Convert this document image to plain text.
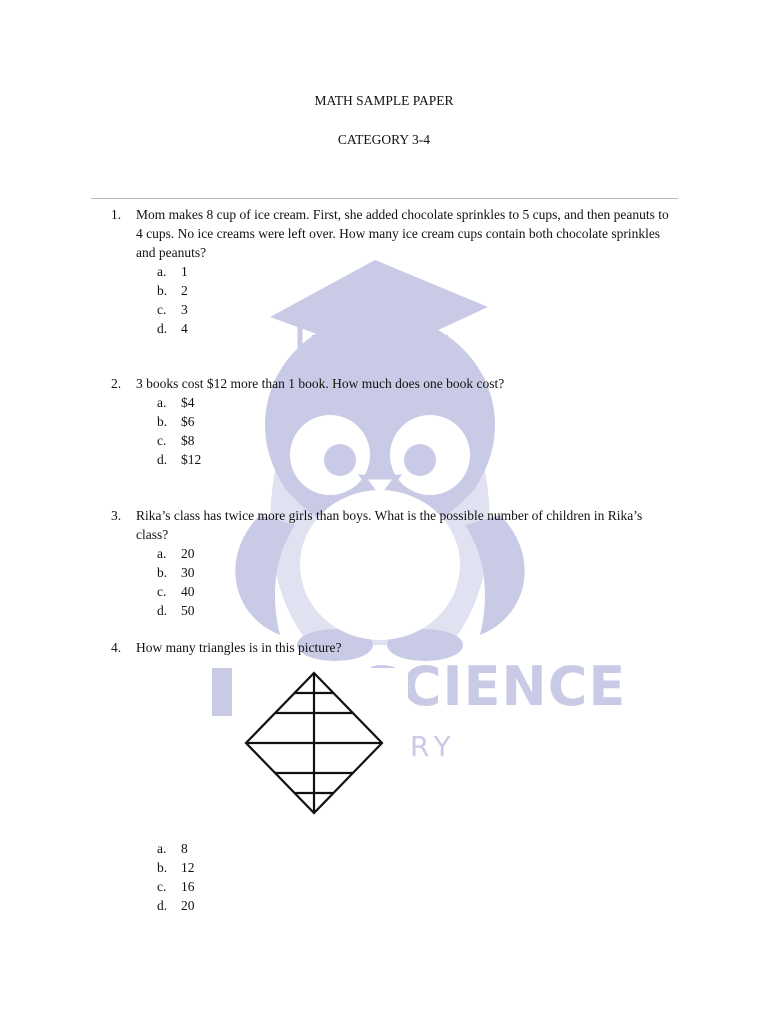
SCIENCE
RY
MATH SAMPLE PAPER
CATEGORY 3-4
1. Mom makes 8 cup of ice cream. First, she added chocolate sprinkles to 5 cups, and then peanuts to 4 cups. No ice creams were left over. How many ice cream cups contain both chocolate sprinkles and peanuts?
a. 1
b. 2
c. 3
d. 4
2. 3 books cost $12 more than 1 book. How much does one book cost?
a. $4
b. $6
c. $8
d. $12
3. Rika’s class has twice more girls than boys. What is the possible number of children in Rika’s class?
a. 20
b. 30
c. 40
d. 50
4. How many triangles is in this picture?
a. 8
b. 12
c. 16
d. 20
